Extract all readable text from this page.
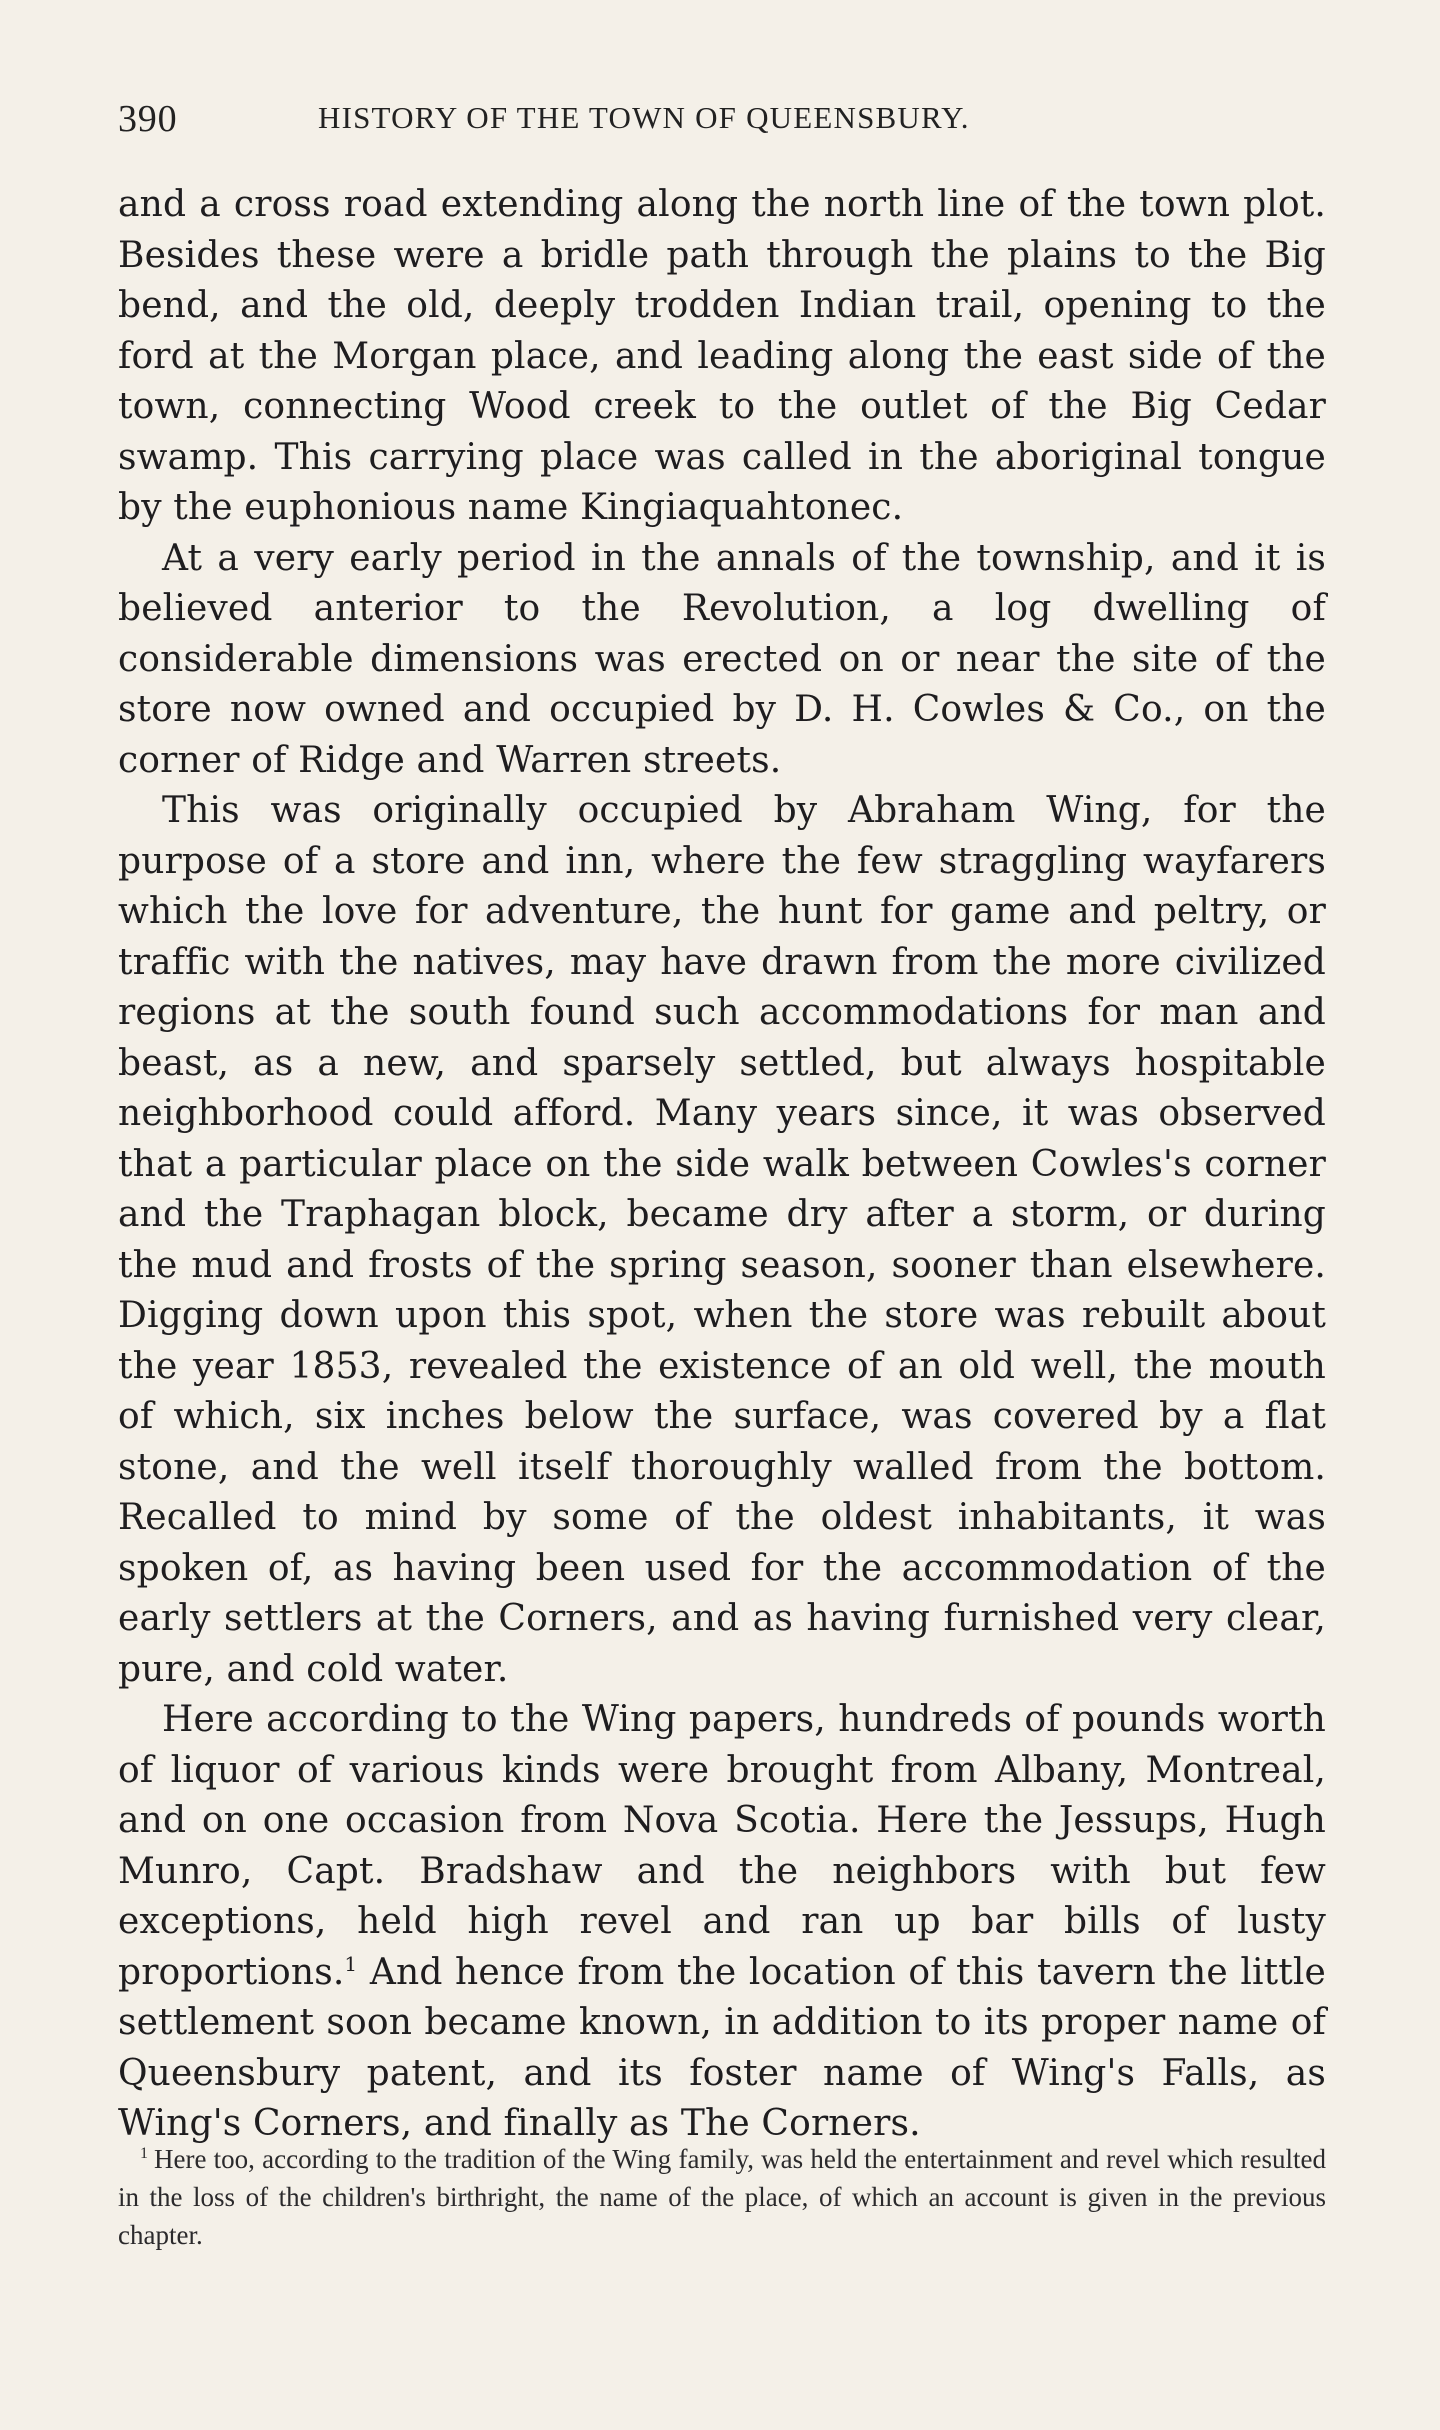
390	HISTORY OF THE TOWN OF QUEENSBURY.

and a cross road extending along the north line of the town plot. Besides these were a bridle path through the plains to the Big bend, and the old, deeply trodden Indian trail, opening to the ford at the Morgan place, and leading along the east side of the town, connecting Wood creek to the outlet of the Big Cedar swamp. This carrying place was called in the aboriginal tongue by the euphonious name Kingiaquahtonec.

At a very early period in the annals of the township, and it is believed anterior to the Revolution, a log dwelling of considerable dimensions was erected on or near the site of the store now owned and occupied by D. H. Cowles & Co., on the corner of Ridge and Warren streets.

This was originally occupied by Abraham Wing, for the purpose of a store and inn, where the few straggling wayfarers which the love for adventure, the hunt for game and peltry, or traffic with the natives, may have drawn from the more civilized regions at the south found such accommodations for man and beast, as a new, and sparsely settled, but always hospitable neighborhood could afford. Many years since, it was observed that a particular place on the side walk between Cowles's corner and the Traphagan block, became dry after a storm, or during the mud and frosts of the spring season, sooner than elsewhere. Digging down upon this spot, when the store was rebuilt about the year 1853, revealed the existence of an old well, the mouth of which, six inches below the surface, was covered by a flat stone, and the well itself thoroughly walled from the bottom. Recalled to mind by some of the oldest inhabitants, it was spoken of, as having been used for the accommodation of the early settlers at the Corners, and as having furnished very clear, pure, and cold water.

Here according to the Wing papers, hundreds of pounds worth of liquor of various kinds were brought from Albany, Montreal, and on one occasion from Nova Scotia. Here the Jessups, Hugh Munro, Capt. Bradshaw and the neighbors with but few exceptions, held high revel and ran up bar bills of lusty proportions.$^1$ And hence from the location of this tavern the little settlement soon became known, in addition to its proper name of Queensbury patent, and its foster name of Wing's Falls, as Wing's Corners, and finally as The Corners.

$^1$ Here too, according to the tradition of the Wing family, was held the entertainment and revel which resulted in the loss of the children's birthright, the name of the place, of which an account is given in the previous chapter.
